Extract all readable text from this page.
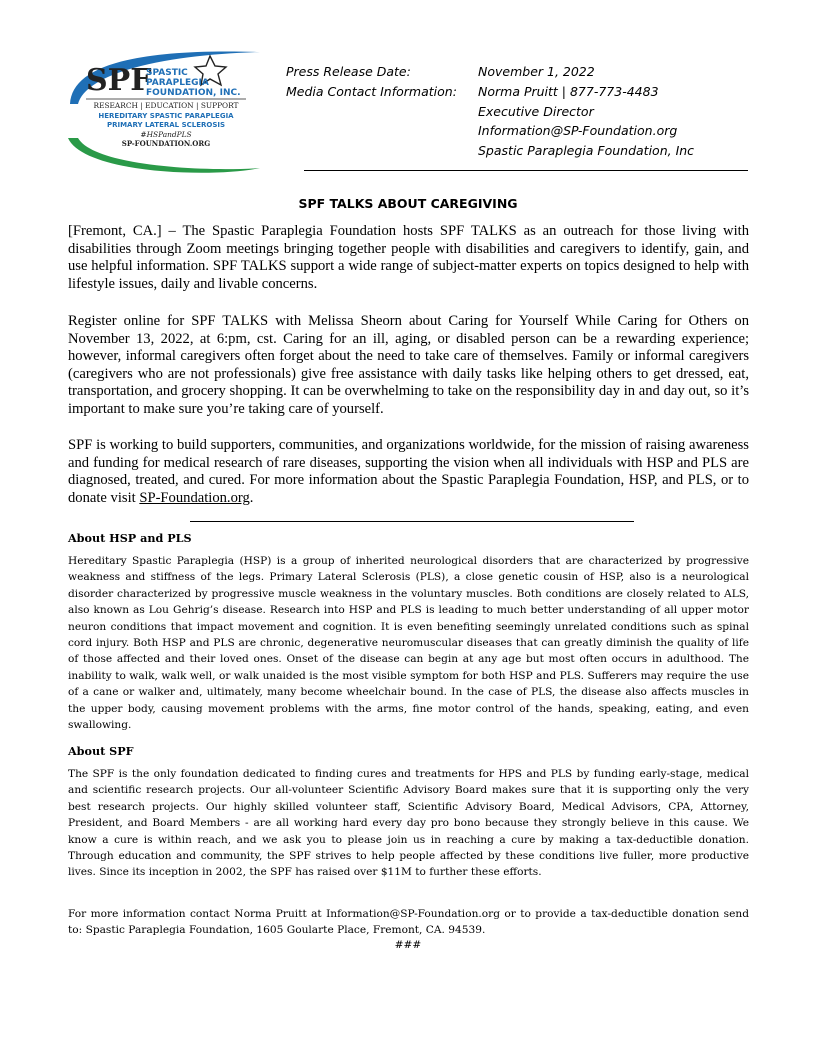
SPF
SPASTIC
PARAPLEGIA
FOUNDATION, INC.
RESEARCH | EDUCATION | SUPPORT
HEREDITARY SPASTIC PARAPLEGIA
PRIMARY LATERAL SCLEROSIS
#HSPandPLS
SP-FOUNDATION.ORG
Press Release Date:
Media Contact Information:
November 1, 2022
Norma Pruitt | 877-773-4483
Executive Director
Information@SP-Foundation.org
Spastic Paraplegia Foundation, Inc
SPF TALKS ABOUT CAREGIVING
[Fremont, CA.] – The Spastic Paraplegia Foundation hosts SPF TALKS as an outreach for those living with disabilities through Zoom meetings bringing together people with disabilities and caregivers to identify, gain, and use helpful information. SPF TALKS support a wide range of subject-matter experts on topics designed to help with lifestyle issues, daily and livable concerns.
Register online for SPF TALKS with Melissa Sheorn about Caring for Yourself While Caring for Others on November 13, 2022, at 6:pm, cst. Caring for an ill, aging, or disabled person can be a rewarding experience; however, informal caregivers often forget about the need to take care of themselves. Family or informal caregivers (caregivers who are not professionals) give free assistance with daily tasks like helping others to get dressed, eat, transportation, and grocery shopping. It can be overwhelming to take on the responsibility day in and day out, so it’s important to make sure you’re taking care of yourself.
SPF is working to build supporters, communities, and organizations worldwide, for the mission of raising awareness and funding for medical research of rare diseases, supporting the vision when all individuals with HSP and PLS are diagnosed, treated, and cured. For more information about the Spastic Paraplegia Foundation, HSP, and PLS, or to donate visit SP-Foundation.org.
About HSP and PLS
Hereditary Spastic Paraplegia (HSP) is a group of inherited neurological disorders that are characterized by progressive weakness and stiffness of the legs. Primary Lateral Sclerosis (PLS), a close genetic cousin of HSP, also is a neurological disorder characterized by progressive muscle weakness in the voluntary muscles. Both conditions are closely related to ALS, also known as Lou Gehrig’s disease. Research into HSP and PLS is leading to much better understanding of all upper motor neuron conditions that impact movement and cognition. It is even benefiting seemingly unrelated conditions such as spinal cord injury. Both HSP and PLS are chronic, degenerative neuromuscular diseases that can greatly diminish the quality of life of those affected and their loved ones. Onset of the disease can begin at any age but most often occurs in adulthood. The inability to walk, walk well, or walk unaided is the most visible symptom for both HSP and PLS. Sufferers may require the use of a cane or walker and, ultimately, many become wheelchair bound. In the case of PLS, the disease also affects muscles in the upper body, causing movement problems with the arms, fine motor control of the hands, speaking, eating, and even swallowing.
About SPF
The SPF is the only foundation dedicated to finding cures and treatments for HPS and PLS by funding early-stage, medical and scientific research projects. Our all-volunteer Scientific Advisory Board makes sure that it is supporting only the very best research projects. Our highly skilled volunteer staff, Scientific Advisory Board, Medical Advisors, CPA, Attorney, President, and Board Members - are all working hard every day pro bono because they strongly believe in this cause. We know a cure is within reach, and we ask you to please join us in reaching a cure by making a tax-deductible donation. Through education and community, the SPF strives to help people affected by these conditions live fuller, more productive lives. Since its inception in 2002, the SPF has raised over $11M to further these efforts.
For more information contact Norma Pruitt at Information@SP-Foundation.org or to provide a tax-deductible donation send to: Spastic Paraplegia Foundation, 1605 Goularte Place, Fremont, CA. 94539.
###
